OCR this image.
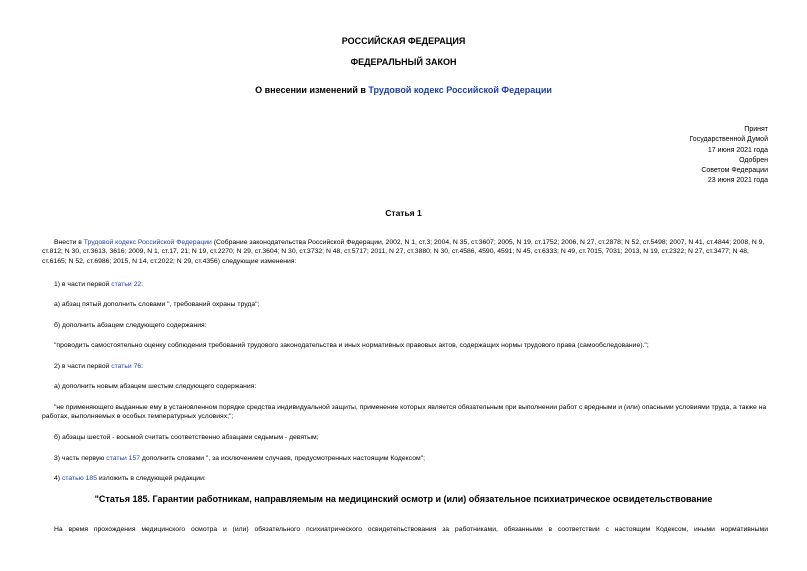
РОССИЙСКАЯ ФЕДЕРАЦИЯ
ФЕДЕРАЛЬНЫЙ ЗАКОН
О внесении изменений в Трудовой кодекс Российской Федерации
Принят
Государственной Думой
17 июня 2021 года
Одобрен
Советом Федерации
23 июня 2021 года
Статья 1
Внести в Трудовой кодекс Российской Федерации (Собрание законодательства Российской Федерации, 2002, N 1, ст.3; 2004, N 35, ст.3607; 2005, N 19, ст.1752; 2006, N 27, ст.2878; N 52, ст.5498; 2007, N 41, ст.4844; 2008, N 9, ст.812; N 30, ст.3613, 3616; 2009, N 1, ст.17, 21; N 19, ст.2270; N 29, ст.3604; N 30, ст.3732; N 48, ст.5717; 2011, N 27, ст.3880; N 30, ст.4586, 4590, 4591; N 45, ст.6333; N 49, ст.7015, 7031; 2013, N 19, ст.2322; N 27, ст.3477; N 48, ст.6165; N 52, ст.6986; 2015, N 14, ст.2022; N 29, ст.4356) следующие изменения:
1) в части первой статьи 22:
а) абзац пятый дополнить словами ", требований охраны труда";
б) дополнить абзацем следующего содержания:
"проводить самостоятельно оценку соблюдения требований трудового законодательства и иных нормативных правовых актов, содержащих нормы трудового права (самообследование).";
2) в части первой статьи 76:
а) дополнить новым абзацем шестым следующего содержания:
"не применяющего выданные ему в установленном порядке средства индивидуальной защиты, применение которых является обязательным при выполнении работ с вредными и (или) опасными условиями труда, а также на работах, выполняемых в особых температурных условиях;";
б) абзацы шестой - восьмой считать соответственно абзацами седьмым - девятым;
3) часть первую статьи 157 дополнить словами ", за исключением случаев, предусмотренных настоящим Кодексом";
4) статью 185 изложить в следующей редакции:
"Статья 185. Гарантии работникам, направляемым на медицинский осмотр и (или) обязательное психиатрическое освидетельствование
На время прохождения медицинского осмотра и (или) обязательного психиатрического освидетельствования за работниками, обязанными в соответствии с настоящим Кодексом, иными нормативными
